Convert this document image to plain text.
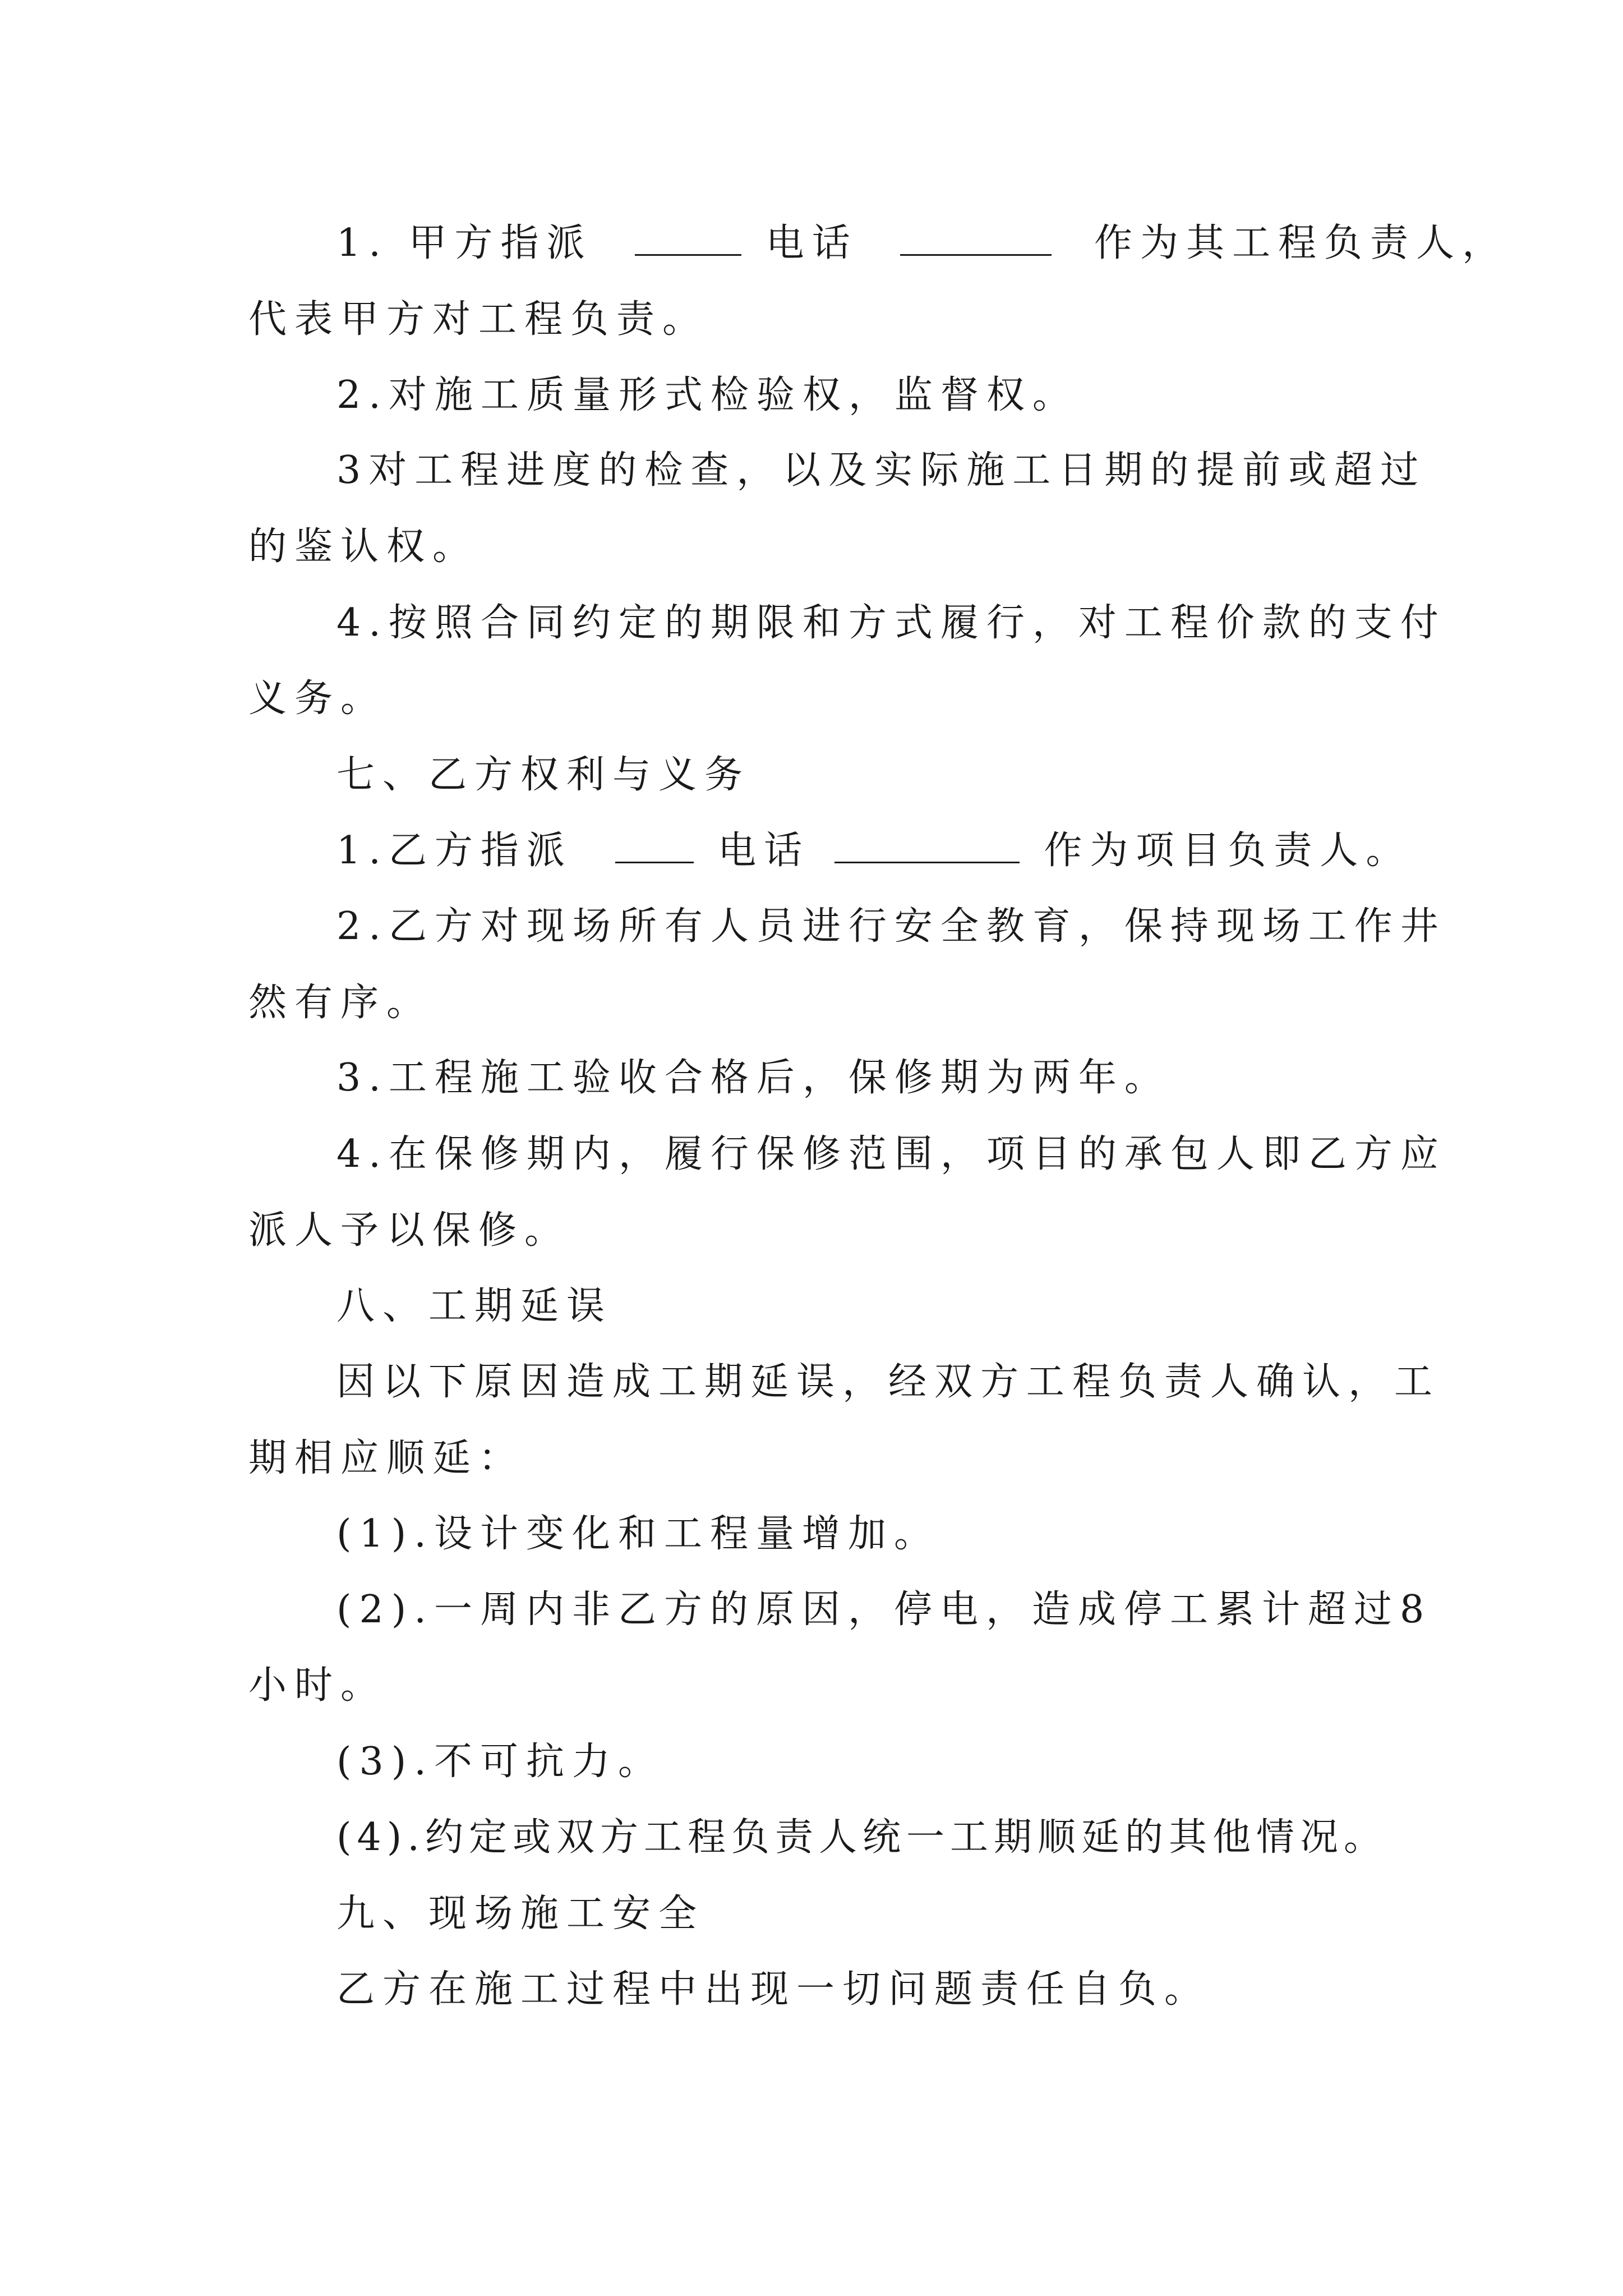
1. 甲方指派	电话	作为其工程负责人，
代表甲方对工程负责。
2.对施工质量形式检验权，监督权。
3对工程进度的检查，以及实际施工日期的提前或超过
的鉴认权。
4.按照合同约定的期限和方式履行，对工程价款的支付
义务。
七、乙方权利与义务
1.乙方指派	电话	作为项目负责人。
2.乙方对现场所有人员进行安全教育，保持现场工作井
然有序。
3.工程施工验收合格后，保修期为两年。
4.在保修期内，履行保修范围，项目的承包人即乙方应
派人予以保修。
八、工期延误
因以下原因造成工期延误，经双方工程负责人确认，工
期相应顺延：
(1).设计变化和工程量增加。
(2).一周内非乙方的原因，停电，造成停工累计超过8
小时。
(3).不可抗力。
(4).约定或双方工程负责人统一工期顺延的其他情况。
九、现场施工安全
乙方在施工过程中出现一切问题责任自负。
